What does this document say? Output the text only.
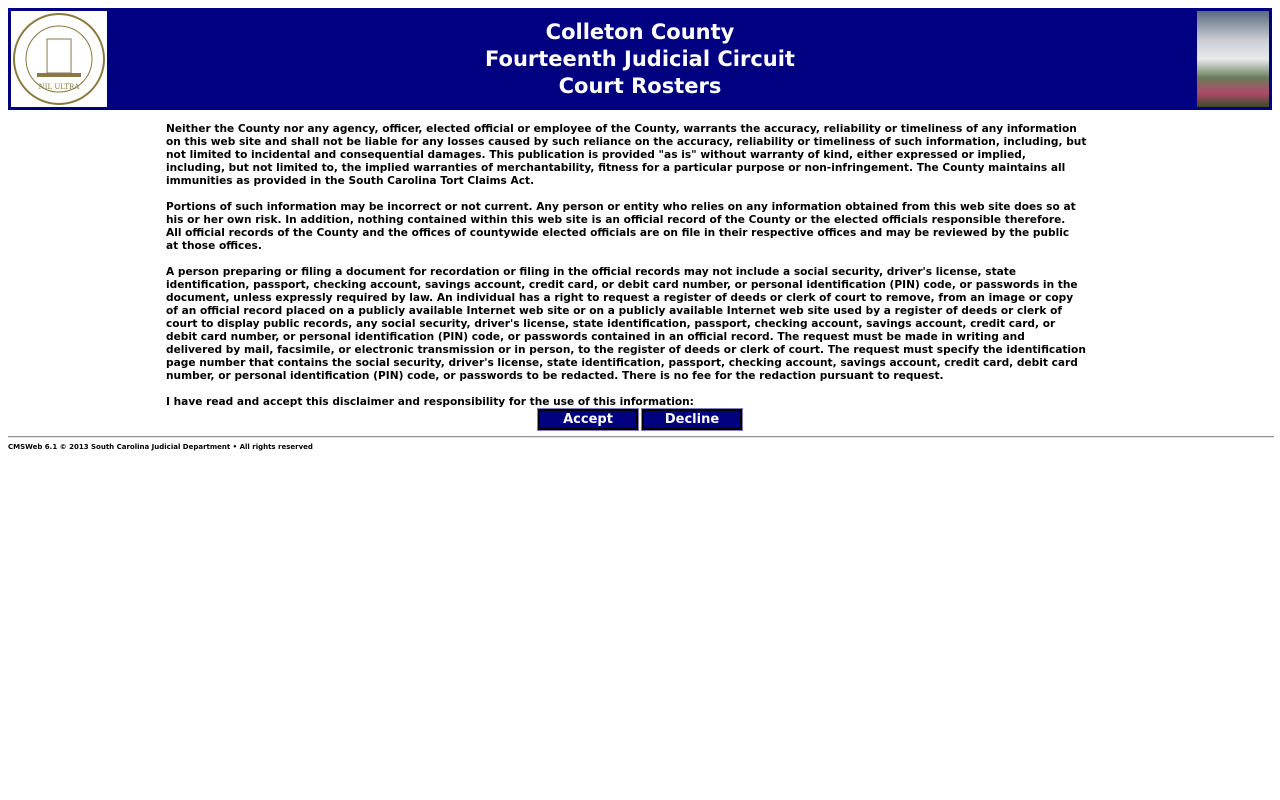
NIL ULTRA
Colleton County
Fourteenth Judicial Circuit
Court Rosters
Neither the County nor any agency, officer, elected official or employee of the County, warrants the accuracy, reliability or timeliness of any information
on this web site and shall not be liable for any losses caused by such reliance on the accuracy, reliability or timeliness of such information, including, but
not limited to incidental and consequential damages. This publication is provided "as is" without warranty of kind, either expressed or implied,
including, but not limited to, the implied warranties of merchantability, fitness for a particular purpose or non-infringement. The County maintains all
immunities as provided in the South Carolina Tort Claims Act.
Portions of such information may be incorrect or not current. Any person or entity who relies on any information obtained from this web site does so at
his or her own risk. In addition, nothing contained within this web site is an official record of the County or the elected officials responsible therefore.
All official records of the County and the offices of countywide elected officials are on file in their respective offices and may be reviewed by the public
at those offices.
A person preparing or filing a document for recordation or filing in the official records may not include a social security, driver's license, state
identification, passport, checking account, savings account, credit card, or debit card number, or personal identification (PIN) code, or passwords in the
document, unless expressly required by law. An individual has a right to request a register of deeds or clerk of court to remove, from an image or copy
of an official record placed on a publicly available Internet web site or on a publicly available Internet web site used by a register of deeds or clerk of
court to display public records, any social security, driver's license, state identification, passport, checking account, savings account, credit card, or
debit card number, or personal identification (PIN) code, or passwords contained in an official record. The request must be made in writing and
delivered by mail, facsimile, or electronic transmission or in person, to the register of deeds or clerk of court. The request must specify the identification
page number that contains the social security, driver's license, state identification, passport, checking account, savings account, credit card, debit card
number, or personal identification (PIN) code, or passwords to be redacted. There is no fee for the redaction pursuant to request.
I have read and accept this disclaimer and responsibility for the use of this information:
Accept	Decline
CMSWeb 6.1 © 2013 South Carolina Judicial Department • All rights reserved
